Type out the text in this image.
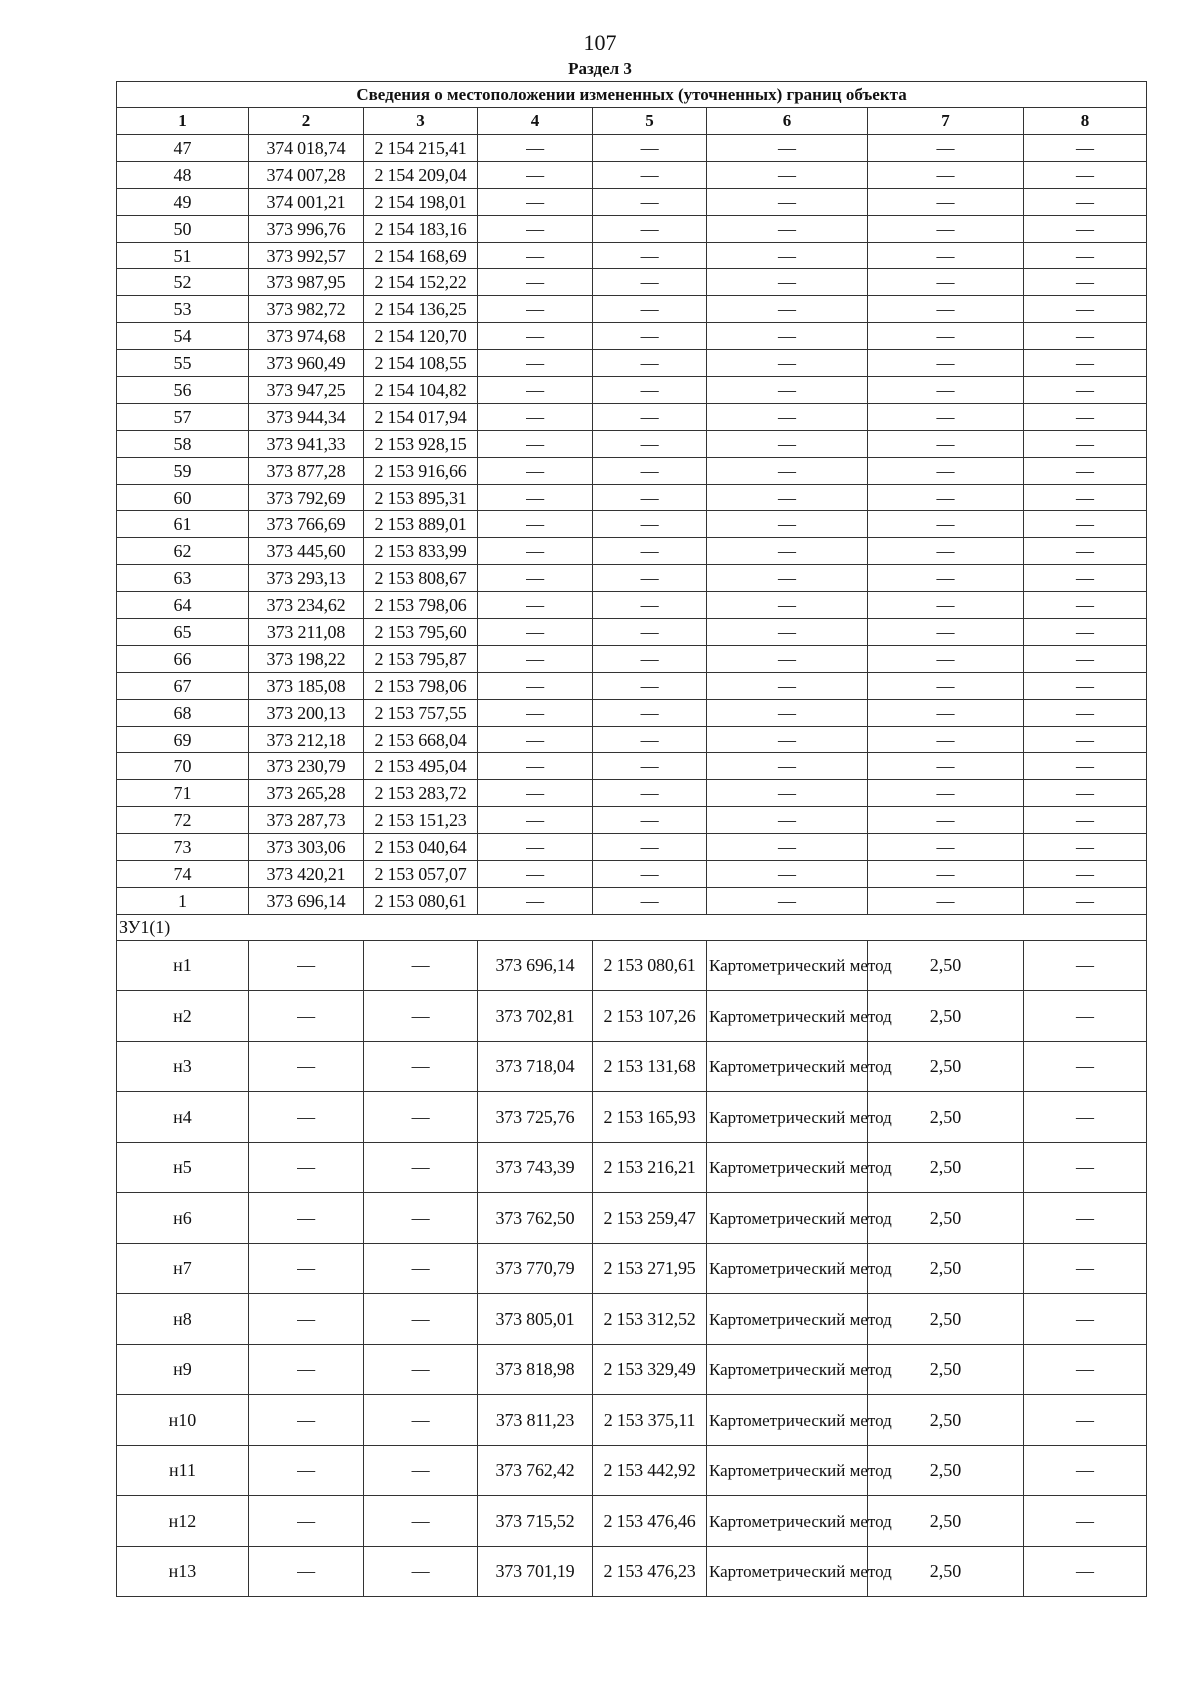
107
Раздел 3
Сведения о местоположении измененных (уточненных) границ объекта							
1	2	3	4	5	6	7	8
47	374 018,74	2 154 215,41	—	—	—	—	—
48	374 007,28	2 154 209,04	—	—	—	—	—
49	374 001,21	2 154 198,01	—	—	—	—	—
50	373 996,76	2 154 183,16	—	—	—	—	—
51	373 992,57	2 154 168,69	—	—	—	—	—
52	373 987,95	2 154 152,22	—	—	—	—	—
53	373 982,72	2 154 136,25	—	—	—	—	—
54	373 974,68	2 154 120,70	—	—	—	—	—
55	373 960,49	2 154 108,55	—	—	—	—	—
56	373 947,25	2 154 104,82	—	—	—	—	—
57	373 944,34	2 154 017,94	—	—	—	—	—
58	373 941,33	2 153 928,15	—	—	—	—	—
59	373 877,28	2 153 916,66	—	—	—	—	—
60	373 792,69	2 153 895,31	—	—	—	—	—
61	373 766,69	2 153 889,01	—	—	—	—	—
62	373 445,60	2 153 833,99	—	—	—	—	—
63	373 293,13	2 153 808,67	—	—	—	—	—
64	373 234,62	2 153 798,06	—	—	—	—	—
65	373 211,08	2 153 795,60	—	—	—	—	—
66	373 198,22	2 153 795,87	—	—	—	—	—
67	373 185,08	2 153 798,06	—	—	—	—	—
68	373 200,13	2 153 757,55	—	—	—	—	—
69	373 212,18	2 153 668,04	—	—	—	—	—
70	373 230,79	2 153 495,04	—	—	—	—	—
71	373 265,28	2 153 283,72	—	—	—	—	—
72	373 287,73	2 153 151,23	—	—	—	—	—
73	373 303,06	2 153 040,64	—	—	—	—	—
74	373 420,21	2 153 057,07	—	—	—	—	—
1	373 696,14	2 153 080,61	—	—	—	—	—
ЗУ1(1)							
н1	—	—	373 696,14	2 153 080,61	Картометрический метод	2,50	—
н2	—	—	373 702,81	2 153 107,26	Картометрический метод	2,50	—
н3	—	—	373 718,04	2 153 131,68	Картометрический метод	2,50	—
н4	—	—	373 725,76	2 153 165,93	Картометрический метод	2,50	—
н5	—	—	373 743,39	2 153 216,21	Картометрический метод	2,50	—
н6	—	—	373 762,50	2 153 259,47	Картометрический метод	2,50	—
н7	—	—	373 770,79	2 153 271,95	Картометрический метод	2,50	—
н8	—	—	373 805,01	2 153 312,52	Картометрический метод	2,50	—
н9	—	—	373 818,98	2 153 329,49	Картометрический метод	2,50	—
н10	—	—	373 811,23	2 153 375,11	Картометрический метод	2,50	—
н11	—	—	373 762,42	2 153 442,92	Картометрический метод	2,50	—
н12	—	—	373 715,52	2 153 476,46	Картометрический метод	2,50	—
н13	—	—	373 701,19	2 153 476,23	Картометрический метод	2,50	—
